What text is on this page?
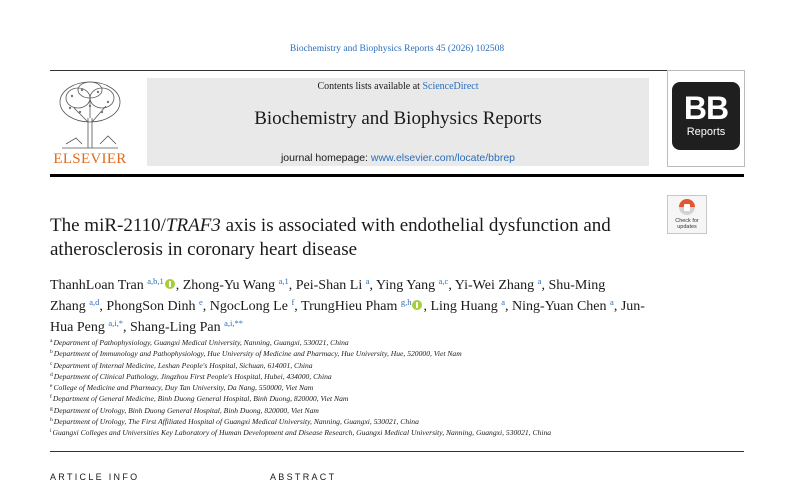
Biochemistry and Biophysics Reports 45 (2026) 102508
ELSEVIER
Contents lists available at ScienceDirect
Biochemistry and Biophysics Reports
journal homepage: www.elsevier.com/locate/bbrep
BB
Reports
Check for
updates
The miR-2110/TRAF3 axis is associated with endothelial dysfunction and atherosclerosis in coronary heart disease
ThanhLoan Tran $^{a,b,1}$ , Zhong-Yu Wang $^{a,1}$, Pei-Shan Li $^a$, Ying Yang $^{a,c}$, Yi-Wei Zhang $^a$, Shu-Ming Zhang $^{a,d}$, PhongSon Dinh $^e$, NgocLong Le $^f$, TrungHieu Pham $^{g,h}$ , Ling Huang $^a$, Ning-Yuan Chen $^a$, Jun-Hua Peng $^{a,i,*}$, Shang-Ling Pan $^{a,i,**}$
$^a$Department of Pathophysiology, Guangxi Medical University, Nanning, Guangxi, 530021, China
$^b$Department of Immunology and Pathophysiology, Hue University of Medicine and Pharmacy, Hue University, Hue, 520000, Viet Nam
$^c$Department of Internal Medicine, Leshan People's Hospital, Sichuan, 614001, China
$^d$Department of Clinical Pathology, Jingzhou First People's Hospital, Hubei, 434000, China
$^e$College of Medicine and Pharmacy, Duy Tan University, Da Nang, 550000, Viet Nam
$^f$Department of General Medicine, Binh Duong General Hospital, Binh Duong, 820000, Viet Nam
$^g$Department of Urology, Binh Duong General Hospital, Binh Duong, 820000, Viet Nam
$^h$Department of Urology, The First Affiliated Hospital of Guangxi Medical University, Nanning, Guangxi, 530021, China
$^i$Guangxi Colleges and Universities Key Laboratory of Human Development and Disease Research, Guangxi Medical University, Nanning, Guangxi, 530021, China
ARTICLE INFO	ABSTRACT
